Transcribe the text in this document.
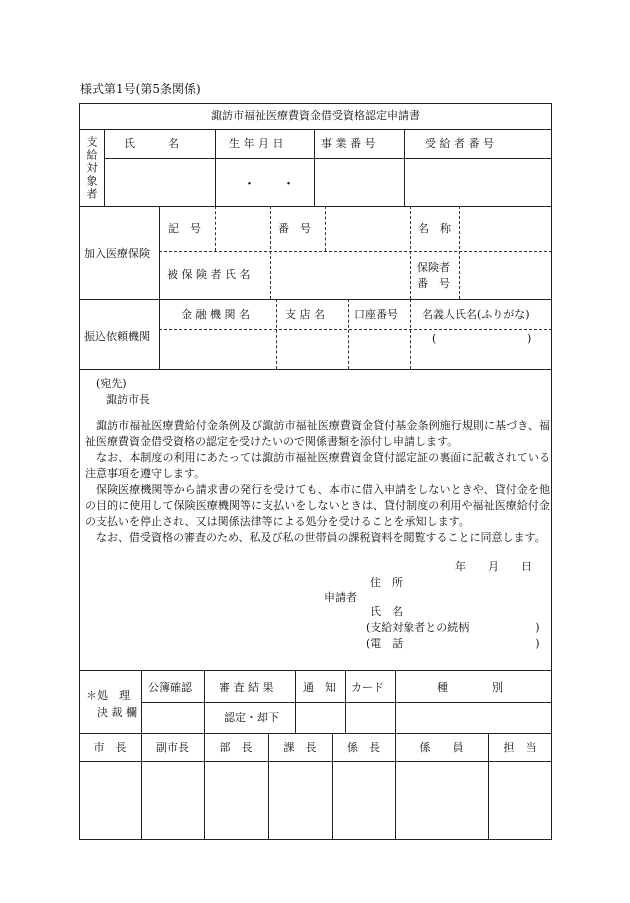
様式第1号(第5条関係)
諏訪市福祉医療費資金借受資格認定申請書
支給対象者 氏　　　名	生 年 月 日	事 業 番 号	受 給 者 番 号
・　　・
加入医療保険
記　号	番　号	名　称
被 保 険 者 氏 名
保険者
番　号
振込依頼機関
金 融 機 関 名	支 店 名	口座番号 名義人氏名(ふりがな)
(	)
(宛先)
諏訪市長
諏訪市福祉医療費給付金条例及び諏訪市福祉医療費資金貸付基金条例施行規則に基づき、福祉医療費資金借受資格の認定を受けたいので関係書類を添付し申請します。
なお、本制度の利用にあたっては諏訪市福祉医療費資金貸付認定証の裏面に記載されている注意事項を遵守します。
保険医療機関等から請求書の発行を受けても、本市に借入申請をしないときや、貸付金を他の目的に使用して保険医療機関等に支払いをしないときは、貸付制度の利用や福祉医療給付金の支払いを停止され、又は関係法律等による処分を受けることを承知します。
なお、借受資格の審査のため、私及び私の世帯員の課税資料を閲覧することに同意します。
年　　月　　日
住　所
申請者
氏　名
(支給対象者との続柄　　　　　　)
(電　話　　　　　　　　　　　　)
＊処　理
決 裁 欄
公簿確認 審 査 結 果	通　知 カード	種　　　　別
認定・却下
市　長	副市長	部　長	課　長	係　長	係　　員	担　当
